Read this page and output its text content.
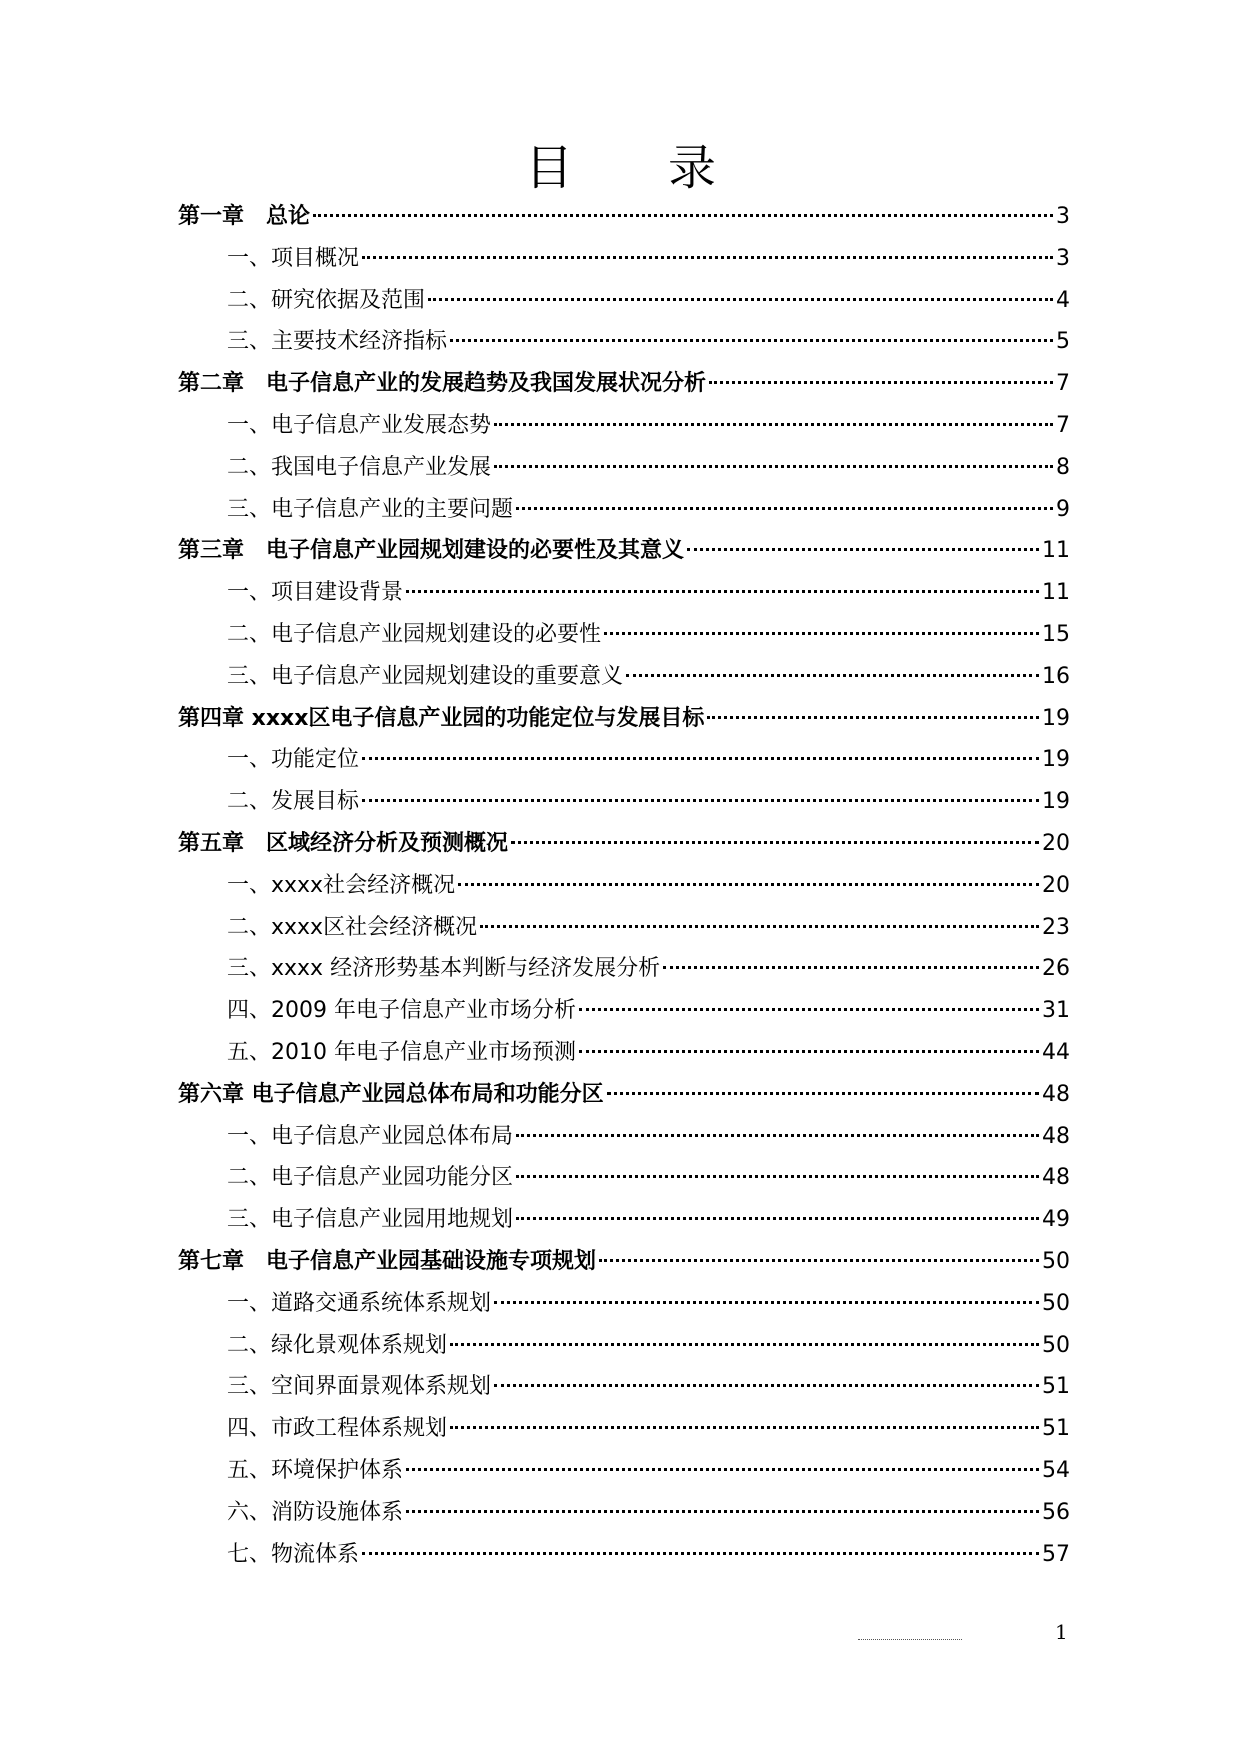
目 录
第一章　总论	3
一、项目概况	3
二、研究依据及范围	4
三、主要技术经济指标	5
第二章　电子信息产业的发展趋势及我国发展状况分析	7
一、电子信息产业发展态势	7
二、我国电子信息产业发展	8
三、电子信息产业的主要问题	9
第三章　电子信息产业园规划建设的必要性及其意义	11
一、项目建设背景	11
二、电子信息产业园规划建设的必要性	15
三、电子信息产业园规划建设的重要意义	16
第四章 xxxx区电子信息产业园的功能定位与发展目标	19
一、功能定位	19
二、发展目标	19
第五章　区域经济分析及预测概况	20
一、xxxx社会经济概况	20
二、xxxx区社会经济概况	23
三、xxxx 经济形势基本判断与经济发展分析	26
四、2009 年电子信息产业市场分析	31
五、2010 年电子信息产业市场预测	44
第六章 电子信息产业园总体布局和功能分区	48
一、电子信息产业园总体布局	48
二、电子信息产业园功能分区	48
三、电子信息产业园用地规划	49
第七章　电子信息产业园基础设施专项规划	50
一、道路交通系统体系规划	50
二、绿化景观体系规划	50
三、空间界面景观体系规划	51
四、市政工程体系规划	51
五、环境保护体系	54
六、消防设施体系	56
七、物流体系	57
1
